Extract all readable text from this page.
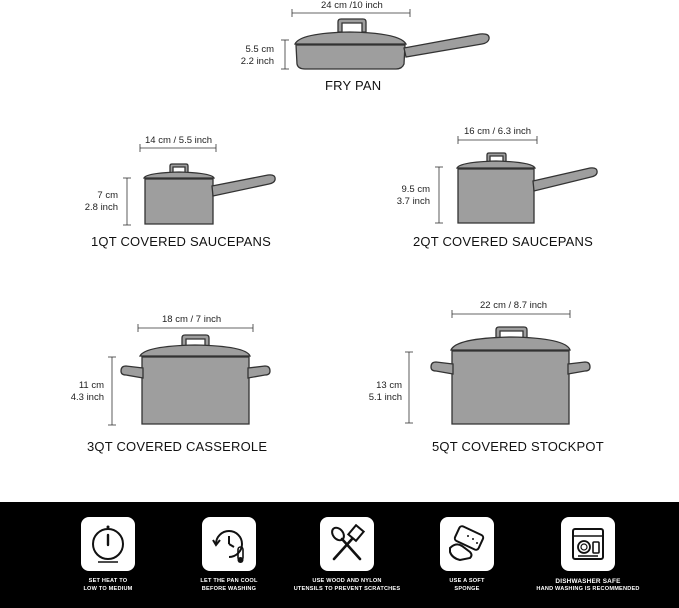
24 cm /10 inch
5.5 cm
2.2 inch
FRY PAN
14 cm / 5.5 inch
7 cm
2.8 inch
1QT COVERED SAUCEPANS
16 cm / 6.3 inch
9.5 cm
3.7 inch
2QT COVERED SAUCEPANS
18 cm / 7 inch
11 cm
4.3 inch
3QT COVERED CASSEROLE
22 cm / 8.7 inch
13 cm
5.1 inch
5QT COVERED STOCKPOT
SET HEAT TO
LOW TO MEDIUM
LET THE PAN COOL
BEFORE WASHING
USE WOOD AND NYLON
UTENSILS TO PREVENT SCRATCHES
USE A SOFT
SPONGE
DISHWASHER SAFE
HAND WASHING IS RECOMMENDED
